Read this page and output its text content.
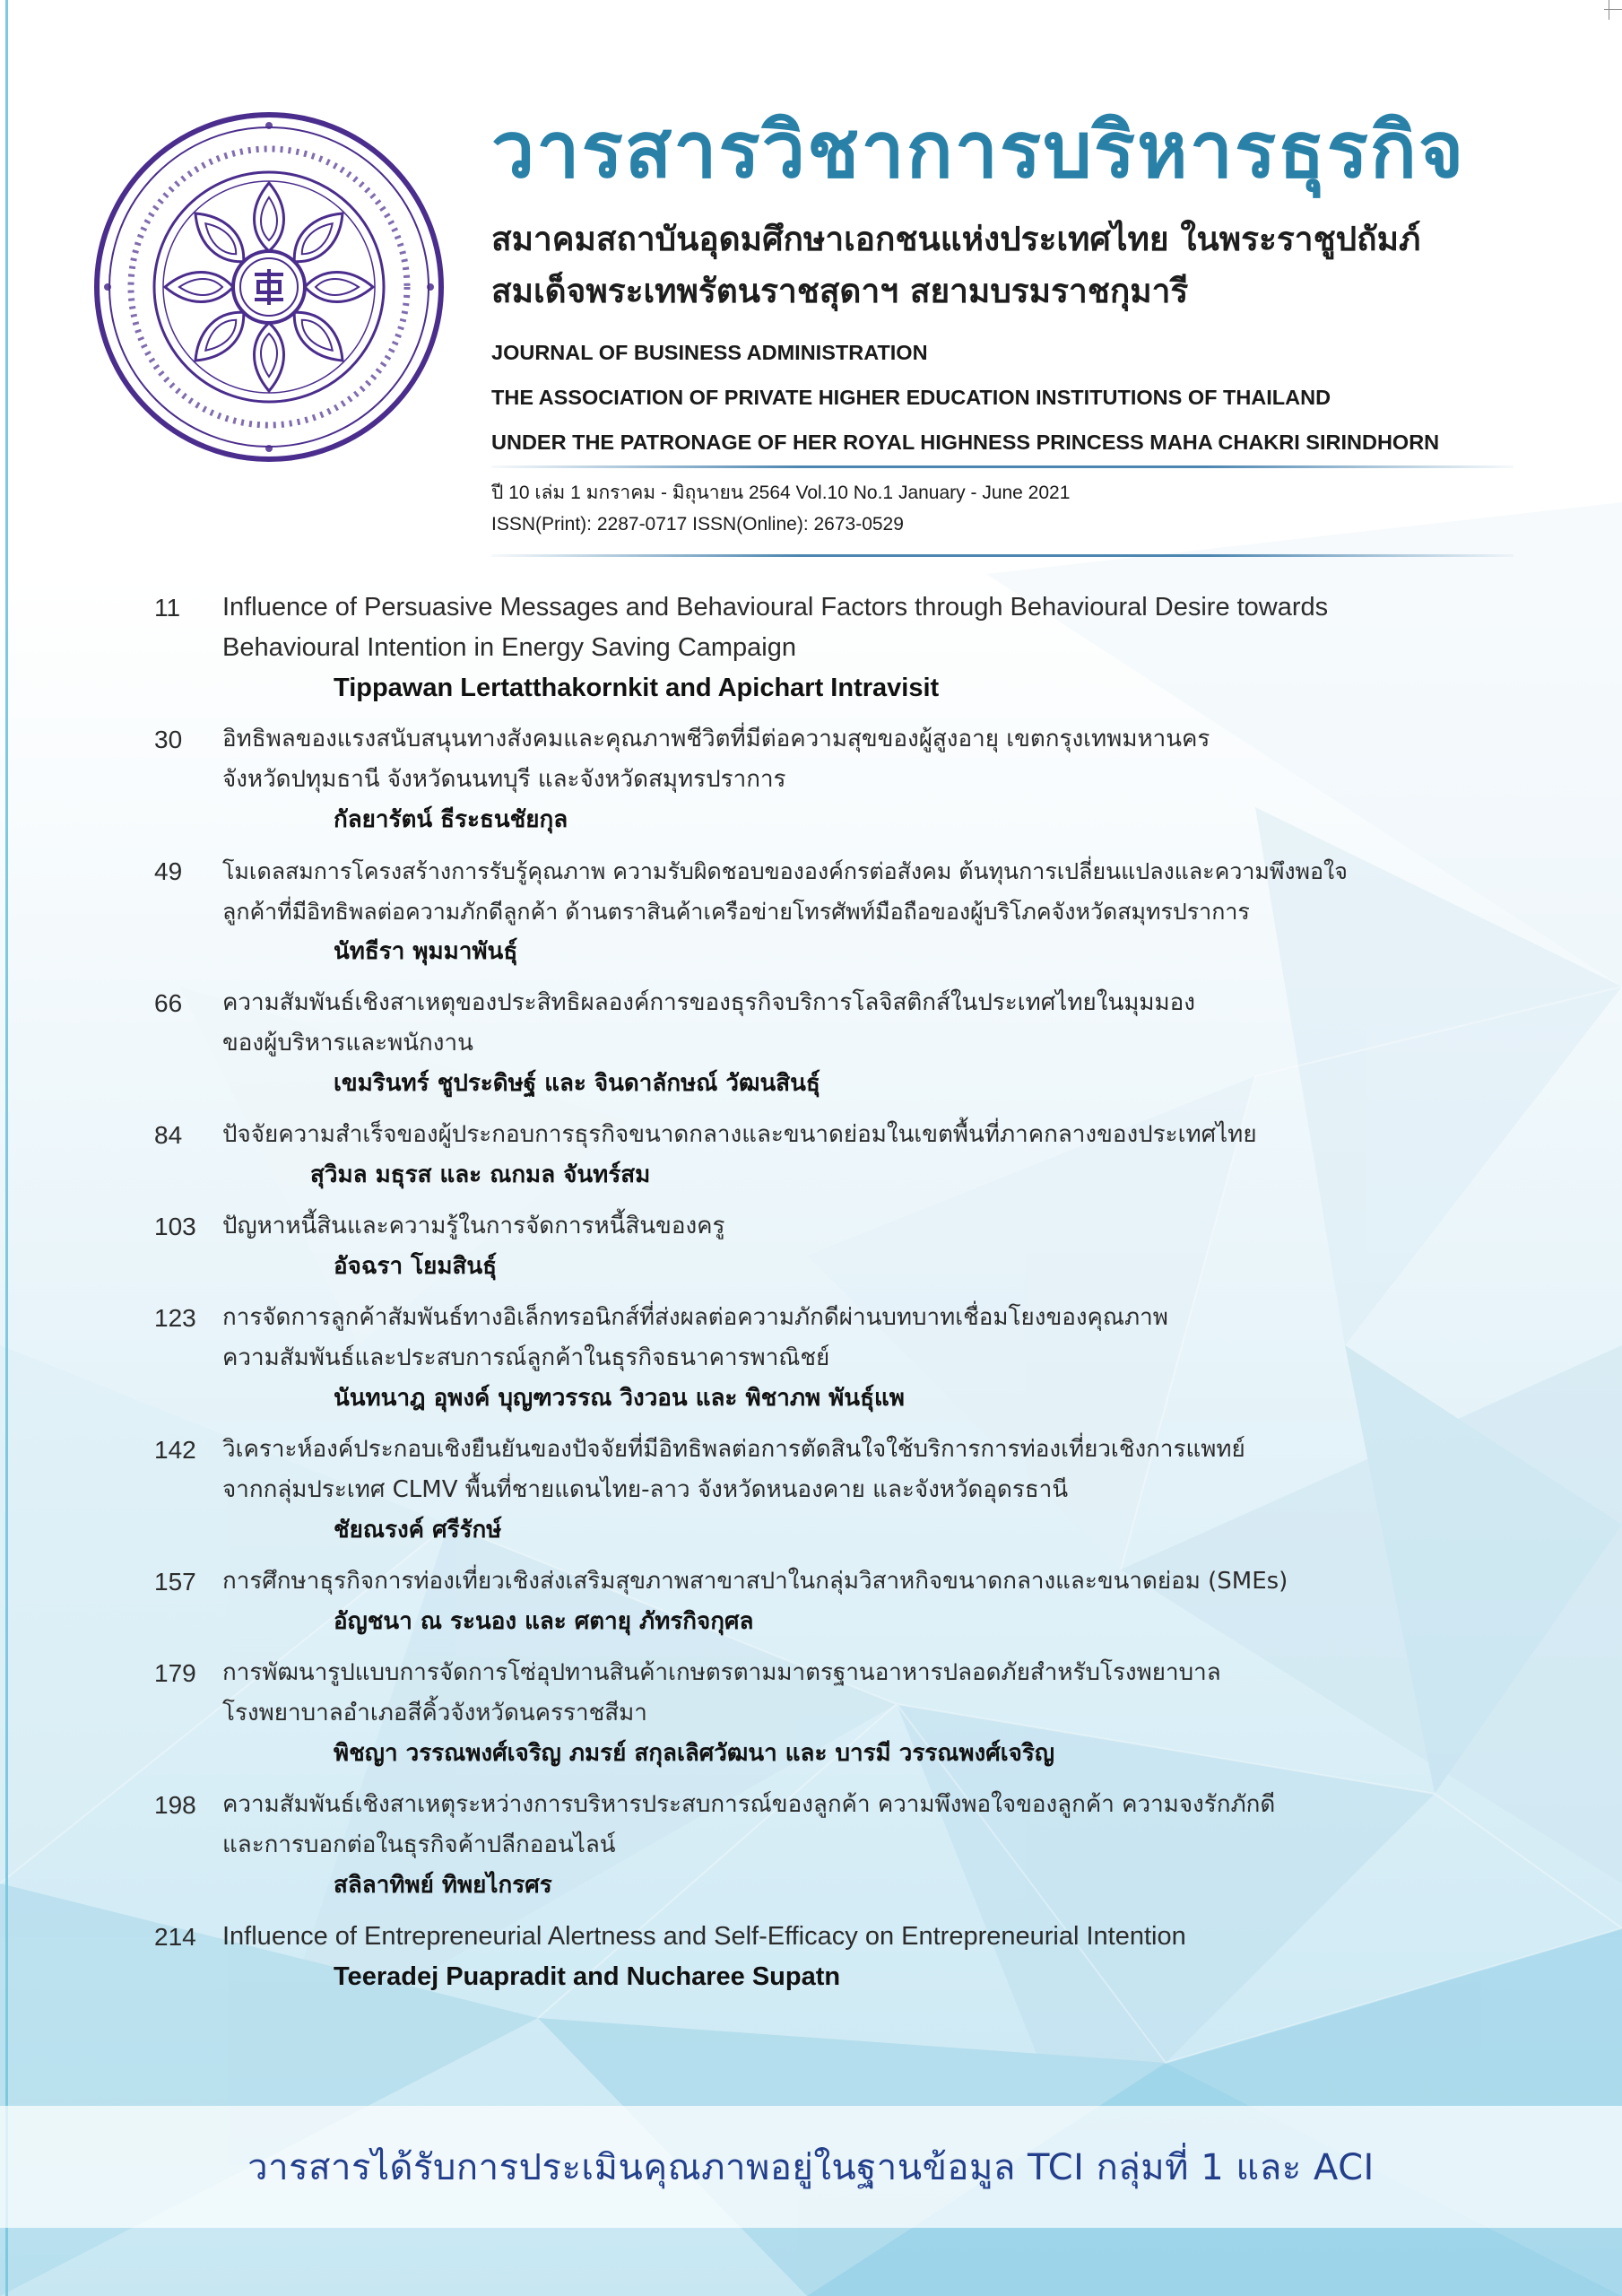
วารสารวิชาการบริหารธุรกิจ
สมาคมสถาบันอุดมศึกษาเอกชนแห่งประเทศไทย ในพระราชูปถัมภ์
สมเด็จพระเทพรัตนราชสุดาฯ สยามบรมราชกุมารี
JOURNAL OF BUSINESS ADMINISTRATION
THE ASSOCIATION OF PRIVATE HIGHER EDUCATION INSTITUTIONS OF THAILAND
UNDER THE PATRONAGE OF HER ROYAL HIGHNESS PRINCESS MAHA CHAKRI SIRINDHORN
ปี 10 เล่ม 1 มกราคม - มิถุนายน 2564 Vol.10 No.1 January - June 2021
ISSN(Print): 2287-0717 ISSN(Online): 2673-0529
11	Influence of Persuasive Messages and Behavioural Factors through Behavioural Desire towards
Behavioural Intention in Energy Saving Campaign
Tippawan Lertatthakornkit and Apichart Intravisit
30	อิทธิพลของแรงสนับสนุนทางสังคมและคุณภาพชีวิตที่มีต่อความสุขของผู้สูงอายุ เขตกรุงเทพมหานคร
จังหวัดปทุมธานี จังหวัดนนทบุรี และจังหวัดสมุทรปราการ
กัลยารัตน์ ธีระธนชัยกุล
49	โมเดลสมการโครงสร้างการรับรู้คุณภาพ ความรับผิดชอบขององค์กรต่อสังคม ต้นทุนการเปลี่ยนแปลงและความพึงพอใจ
ลูกค้าที่มีอิทธิพลต่อความภักดีลูกค้า ด้านตราสินค้าเครือข่ายโทรศัพท์มือถือของผู้บริโภคจังหวัดสมุทรปราการ
นัทธีรา พุมมาพันธุ์
66	ความสัมพันธ์เชิงสาเหตุของประสิทธิผลองค์การของธุรกิจบริการโลจิสติกส์ในประเทศไทยในมุมมอง
ของผู้บริหารและพนักงาน
เขมรินทร์ ชูประดิษฐ์ และ จินดาลักษณ์ วัฒนสินธุ์
84	ปัจจัยความสำเร็จของผู้ประกอบการธุรกิจขนาดกลางและขนาดย่อมในเขตพื้นที่ภาคกลางของประเทศไทย
สุวิมล มธุรส และ ณกมล จันทร์สม
103	ปัญหาหนี้สินและความรู้ในการจัดการหนี้สินของครู
อัจฉรา โยมสินธุ์
123	การจัดการลูกค้าสัมพันธ์ทางอิเล็กทรอนิกส์ที่ส่งผลต่อความภักดีผ่านบทบาทเชื่อมโยงของคุณภาพ
ความสัมพันธ์และประสบการณ์ลูกค้าในธุรกิจธนาคารพาณิชย์
นันทนาฎ อุพงค์ บุญฑวรรณ วิงวอน และ พิชาภพ พันธุ์แพ
142	วิเคราะห์องค์ประกอบเชิงยืนยันของปัจจัยที่มีอิทธิพลต่อการตัดสินใจใช้บริการการท่องเที่ยวเชิงการแพทย์
จากกลุ่มประเทศ CLMV พื้นที่ชายแดนไทย-ลาว จังหวัดหนองคาย และจังหวัดอุดรธานี
ชัยณรงค์ ศรีรักษ์
157	การศึกษาธุรกิจการท่องเที่ยวเชิงส่งเสริมสุขภาพสาขาสปาในกลุ่มวิสาหกิจขนาดกลางและขนาดย่อม (SMEs)
อัญชนา ณ ระนอง และ ศตายุ ภัทรกิจกุศล
179	การพัฒนารูปแบบการจัดการโซ่อุปทานสินค้าเกษตรตามมาตรฐานอาหารปลอดภัยสำหรับโรงพยาบาล
โรงพยาบาลอำเภอสีคิ้วจังหวัดนครราชสีมา
พิชญา วรรณพงศ์เจริญ ภมรย์ สกุลเลิศวัฒนา และ บารมี วรรณพงศ์เจริญ
198	ความสัมพันธ์เชิงสาเหตุระหว่างการบริหารประสบการณ์ของลูกค้า ความพึงพอใจของลูกค้า ความจงรักภักดี
และการบอกต่อในธุรกิจค้าปลีกออนไลน์
สลิลาทิพย์ ทิพยไกรศร
214	Influence of Entrepreneurial Alertness and Self-Efficacy on Entrepreneurial Intention
Teeradej Puapradit and Nucharee Supatn
วารสารได้รับการประเมินคุณภาพอยู่ในฐานข้อมูล TCI กลุ่มที่ 1 และ ACI
